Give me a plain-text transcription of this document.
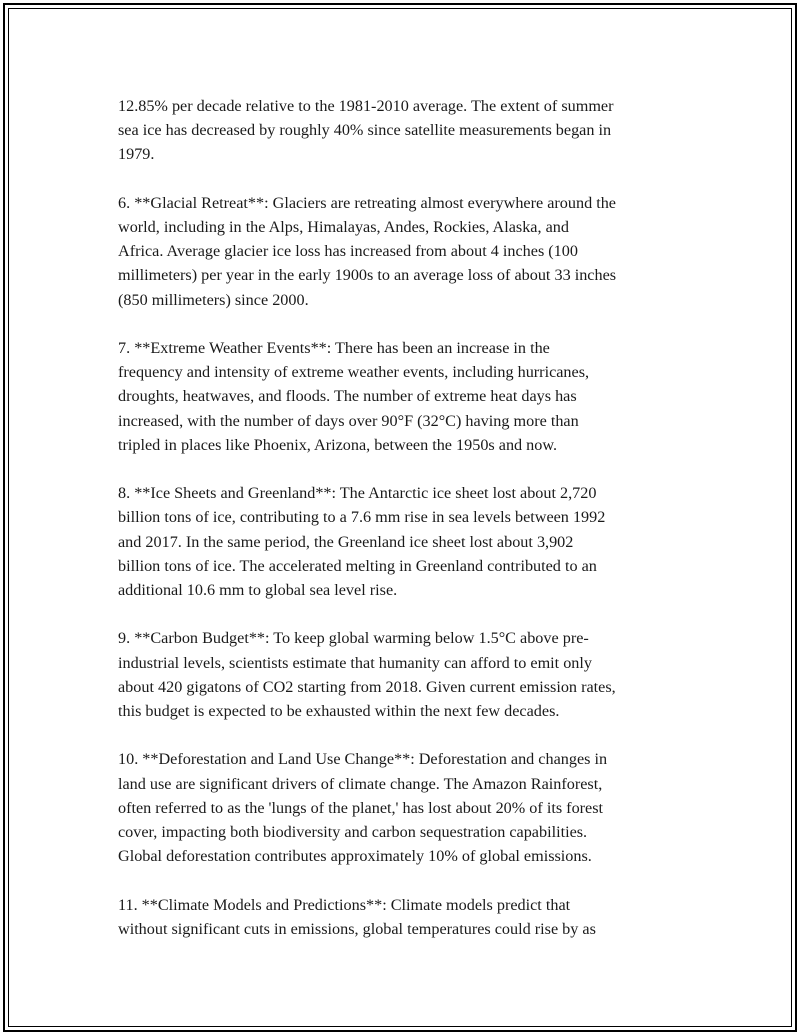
12.85% per decade relative to the 1981-2010 average. The extent of summer
sea ice has decreased by roughly 40% since satellite measurements began in
1979.

6. **Glacial Retreat**: Glaciers are retreating almost everywhere around the
world, including in the Alps, Himalayas, Andes, Rockies, Alaska, and
Africa. Average glacier ice loss has increased from about 4 inches (100
millimeters) per year in the early 1900s to an average loss of about 33 inches
(850 millimeters) since 2000.

7. **Extreme Weather Events**: There has been an increase in the
frequency and intensity of extreme weather events, including hurricanes,
droughts, heatwaves, and floods. The number of extreme heat days has
increased, with the number of days over 90°F (32°C) having more than
tripled in places like Phoenix, Arizona, between the 1950s and now.

8. **Ice Sheets and Greenland**: The Antarctic ice sheet lost about 2,720
billion tons of ice, contributing to a 7.6 mm rise in sea levels between 1992
and 2017. In the same period, the Greenland ice sheet lost about 3,902
billion tons of ice. The accelerated melting in Greenland contributed to an
additional 10.6 mm to global sea level rise.

9. **Carbon Budget**: To keep global warming below 1.5°C above pre-
industrial levels, scientists estimate that humanity can afford to emit only
about 420 gigatons of CO2 starting from 2018. Given current emission rates,
this budget is expected to be exhausted within the next few decades.

10. **Deforestation and Land Use Change**: Deforestation and changes in
land use are significant drivers of climate change. The Amazon Rainforest,
often referred to as the 'lungs of the planet,' has lost about 20% of its forest
cover, impacting both biodiversity and carbon sequestration capabilities.
Global deforestation contributes approximately 10% of global emissions.

11. **Climate Models and Predictions**: Climate models predict that
without significant cuts in emissions, global temperatures could rise by as
